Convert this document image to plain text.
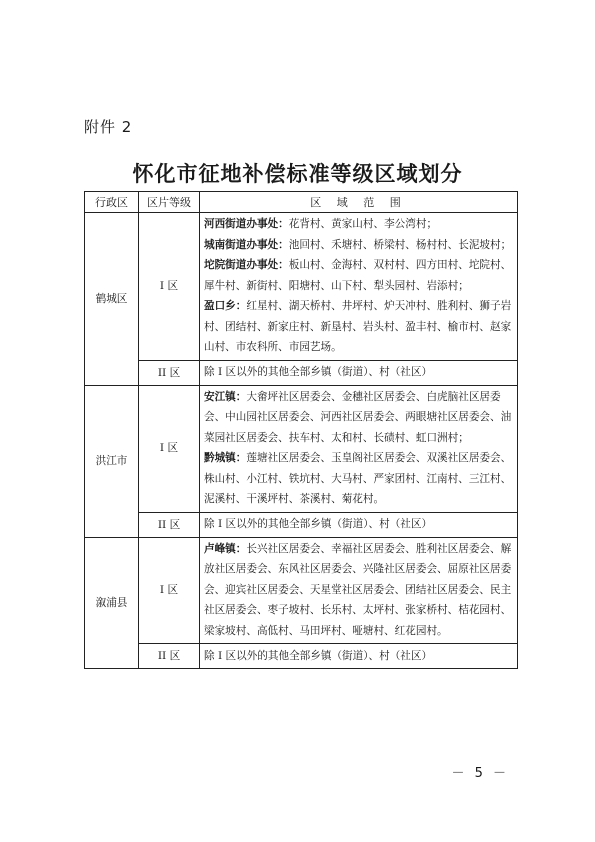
附件 2
怀化市征地补偿标准等级区域划分
行政区	区片等级	区 域 范 围
鹤城区	I 区	河西街道办事处：花背村、黄家山村、李公湾村；
城南街道办事处：池回村、禾塘村、桥梁村、杨村村、长泥坡村；
坨院街道办事处：板山村、金海村、双村村、四方田村、坨院村、犀牛村、新街村、阳塘村、山下村、犁头园村、岩添村；
盈口乡：红星村、湖天桥村、井坪村、炉天冲村、胜利村、狮子岩村、团结村、新家庄村、新垦村、岩头村、盈丰村、榆市村、赵家山村、市农科所、市园艺场。

	II 区	除 I 区以外的其他全部乡镇（街道）、村（社区）
洪江市	I 区	安江镇：大畲坪社区居委会、金穗社区居委会、白虎脑社区居委会、中山园社区居委会、河西社区居委会、两眼塘社区居委会、油菜园社区居委会、扶车村、太和村、长碛村、虹口洲村；
黔城镇：莲塘社区居委会、玉皇阁社区居委会、双溪社区居委会、株山村、小江村、铁坑村、大马村、严家团村、江南村、三江村、泥溪村、干溪坪村、茶溪村、菊花村。

	II 区	除 I 区以外的其他全部乡镇（街道）、村（社区）
溆浦县	I 区	卢峰镇：长兴社区居委会、幸福社区居委会、胜利社区居委会、解放社区居委会、东风社区居委会、兴隆社区居委会、屈原社区居委会、迎宾社区居委会、天星堂社区居委会、团结社区居委会、民主社区居委会、枣子坡村、长乐村、太坪村、张家桥村、桔花园村、梁家坡村、高低村、马田坪村、哑塘村、红花园村。

	II 区	除 I 区以外的其他全部乡镇（街道）、村（社区）
－ 5 －
